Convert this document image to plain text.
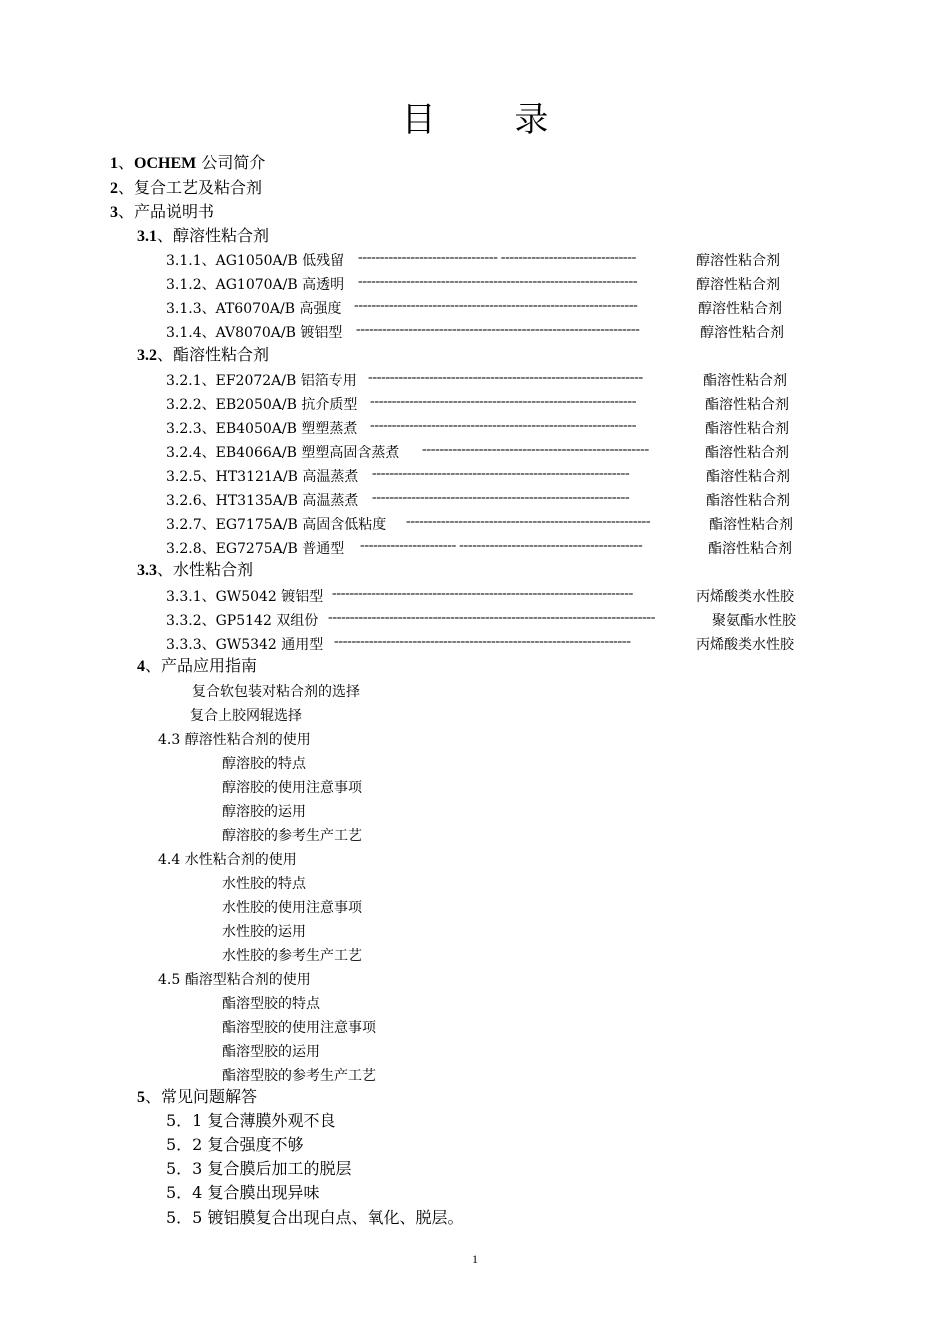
目 录
1、OCHEM 公司简介
2、复合工艺及粘合剂
3、产品说明书
3.1、醇溶性粘合剂
3.1.1、AG1050A/B 低残留 -------------------------------- -------------------------------	醇溶性粘合剂
3.1.2、AG1070A/B 高透明 ----------------------------------------------------------------	醇溶性粘合剂
3.1.3、AT6070A/B 高强度 -----------------------------------------------------------------	醇溶性粘合剂
3.1.4、AV8070A/B 镀铝型 -----------------------------------------------------------------	醇溶性粘合剂
3.2、酯溶性粘合剂
3.2.1、EF2072A/B 铝箔专用 ---------------------------------------------------------------	酯溶性粘合剂
3.2.2、EB2050A/B 抗介质型 -------------------------------------------------------------	酯溶性粘合剂
3.2.3、EB4050A/B 塑塑蒸煮 -------------------------------------------------------------	酯溶性粘合剂
3.2.4、EB4066A/B 塑塑高固含蒸煮 ----------------------------------------------------	酯溶性粘合剂
3.2.5、HT3121A/B 高温蒸煮 -----------------------------------------------------------	酯溶性粘合剂
3.2.6、HT3135A/B 高温蒸煮 -----------------------------------------------------------	酯溶性粘合剂
3.2.7、EG7175A/B 高固含低粘度 --------------------------------------------------------	酯溶性粘合剂
3.2.8、EG7275A/B 普通型 ---------------------- ------------------------------------------	酯溶性粘合剂
3.3、水性粘合剂
3.3.1、GW5042 镀铝型 ---------------------------------------------------------------------	丙烯酸类水性胶
3.3.2、GP5142 双组份 ---------------------------------------------------------------------------	聚氨酯水性胶
3.3.3、GW5342 通用型 --------------------------------------------------------------------	丙烯酸类水性胶
4、产品应用指南
复合软包装对粘合剂的选择
复合上胶网辊选择
4.3 醇溶性粘合剂的使用
醇溶胶的特点
醇溶胶的使用注意事项
醇溶胶的运用
醇溶胶的参考生产工艺
4.4 水性粘合剂的使用
水性胶的特点
水性胶的使用注意事项
水性胶的运用
水性胶的参考生产工艺
4.5 酯溶型粘合剂的使用
酯溶型胶的特点
酯溶型胶的使用注意事项
酯溶型胶的运用
酯溶型胶的参考生产工艺
5、常见问题解答
5．1 复合薄膜外观不良
5．2 复合强度不够
5．3 复合膜后加工的脱层
5．4 复合膜出现异味
5．5 镀铝膜复合出现白点、氧化、脱层。
1
